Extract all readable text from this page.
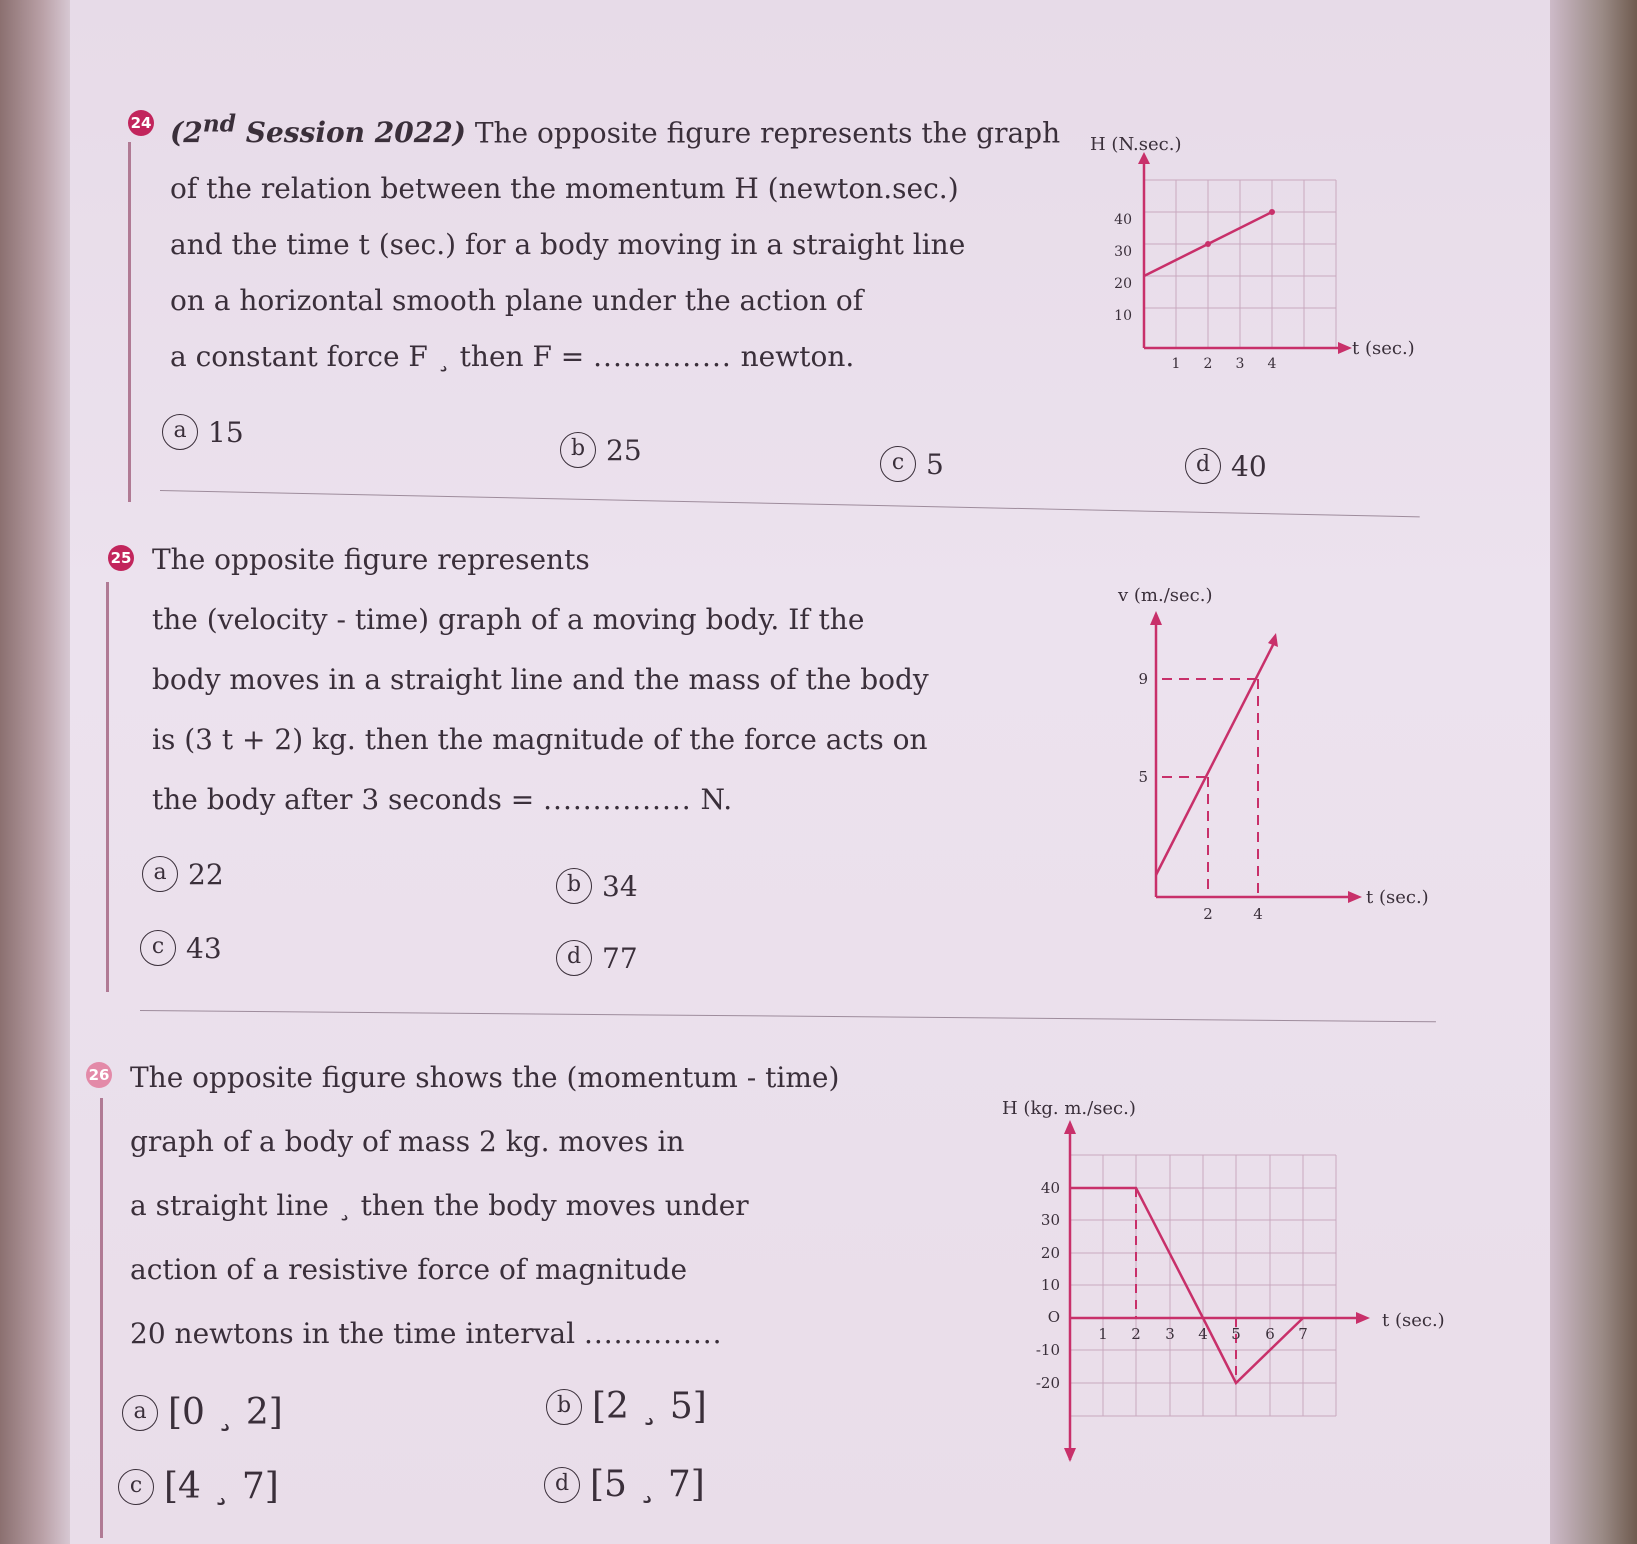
24 (2nd Session 2022) The opposite figure represents the graph
of the relation between the momentum H (newton.sec.)
and the time t (sec.) for a body moving in a straight line
on a horizontal smooth plane under the action of
a constant force F ¸ then F = .............. newton.
a 15	b 25	c 5	d 40
H (N.sec.)
t (sec.)
40
30
20
10
1 2 3 4
25 The opposite figure represents
the (velocity - time) graph of a moving body. If the
body moves in a straight line and the mass of the body
is (3 t + 2) kg. then the magnitude of the force acts on
the body after 3 seconds = ............... N.
a 22	b 34
c 43	d 77
v (m./sec.)
t (sec.)
9
5
2	4
26 The opposite figure shows the (momentum - time)
graph of a body of mass 2 kg. moves in
a straight line ¸ then the body moves under
action of a resistive force of magnitude
20 newtons in the time interval ..............
a [0 ¸ 2]	b [2 ¸ 5]
c [4 ¸ 7]	d [5 ¸ 7]
H (kg. m./sec.)
t (sec.)
O
40
30
20
10
-10
-20
1 2 3 4 5 6 7
